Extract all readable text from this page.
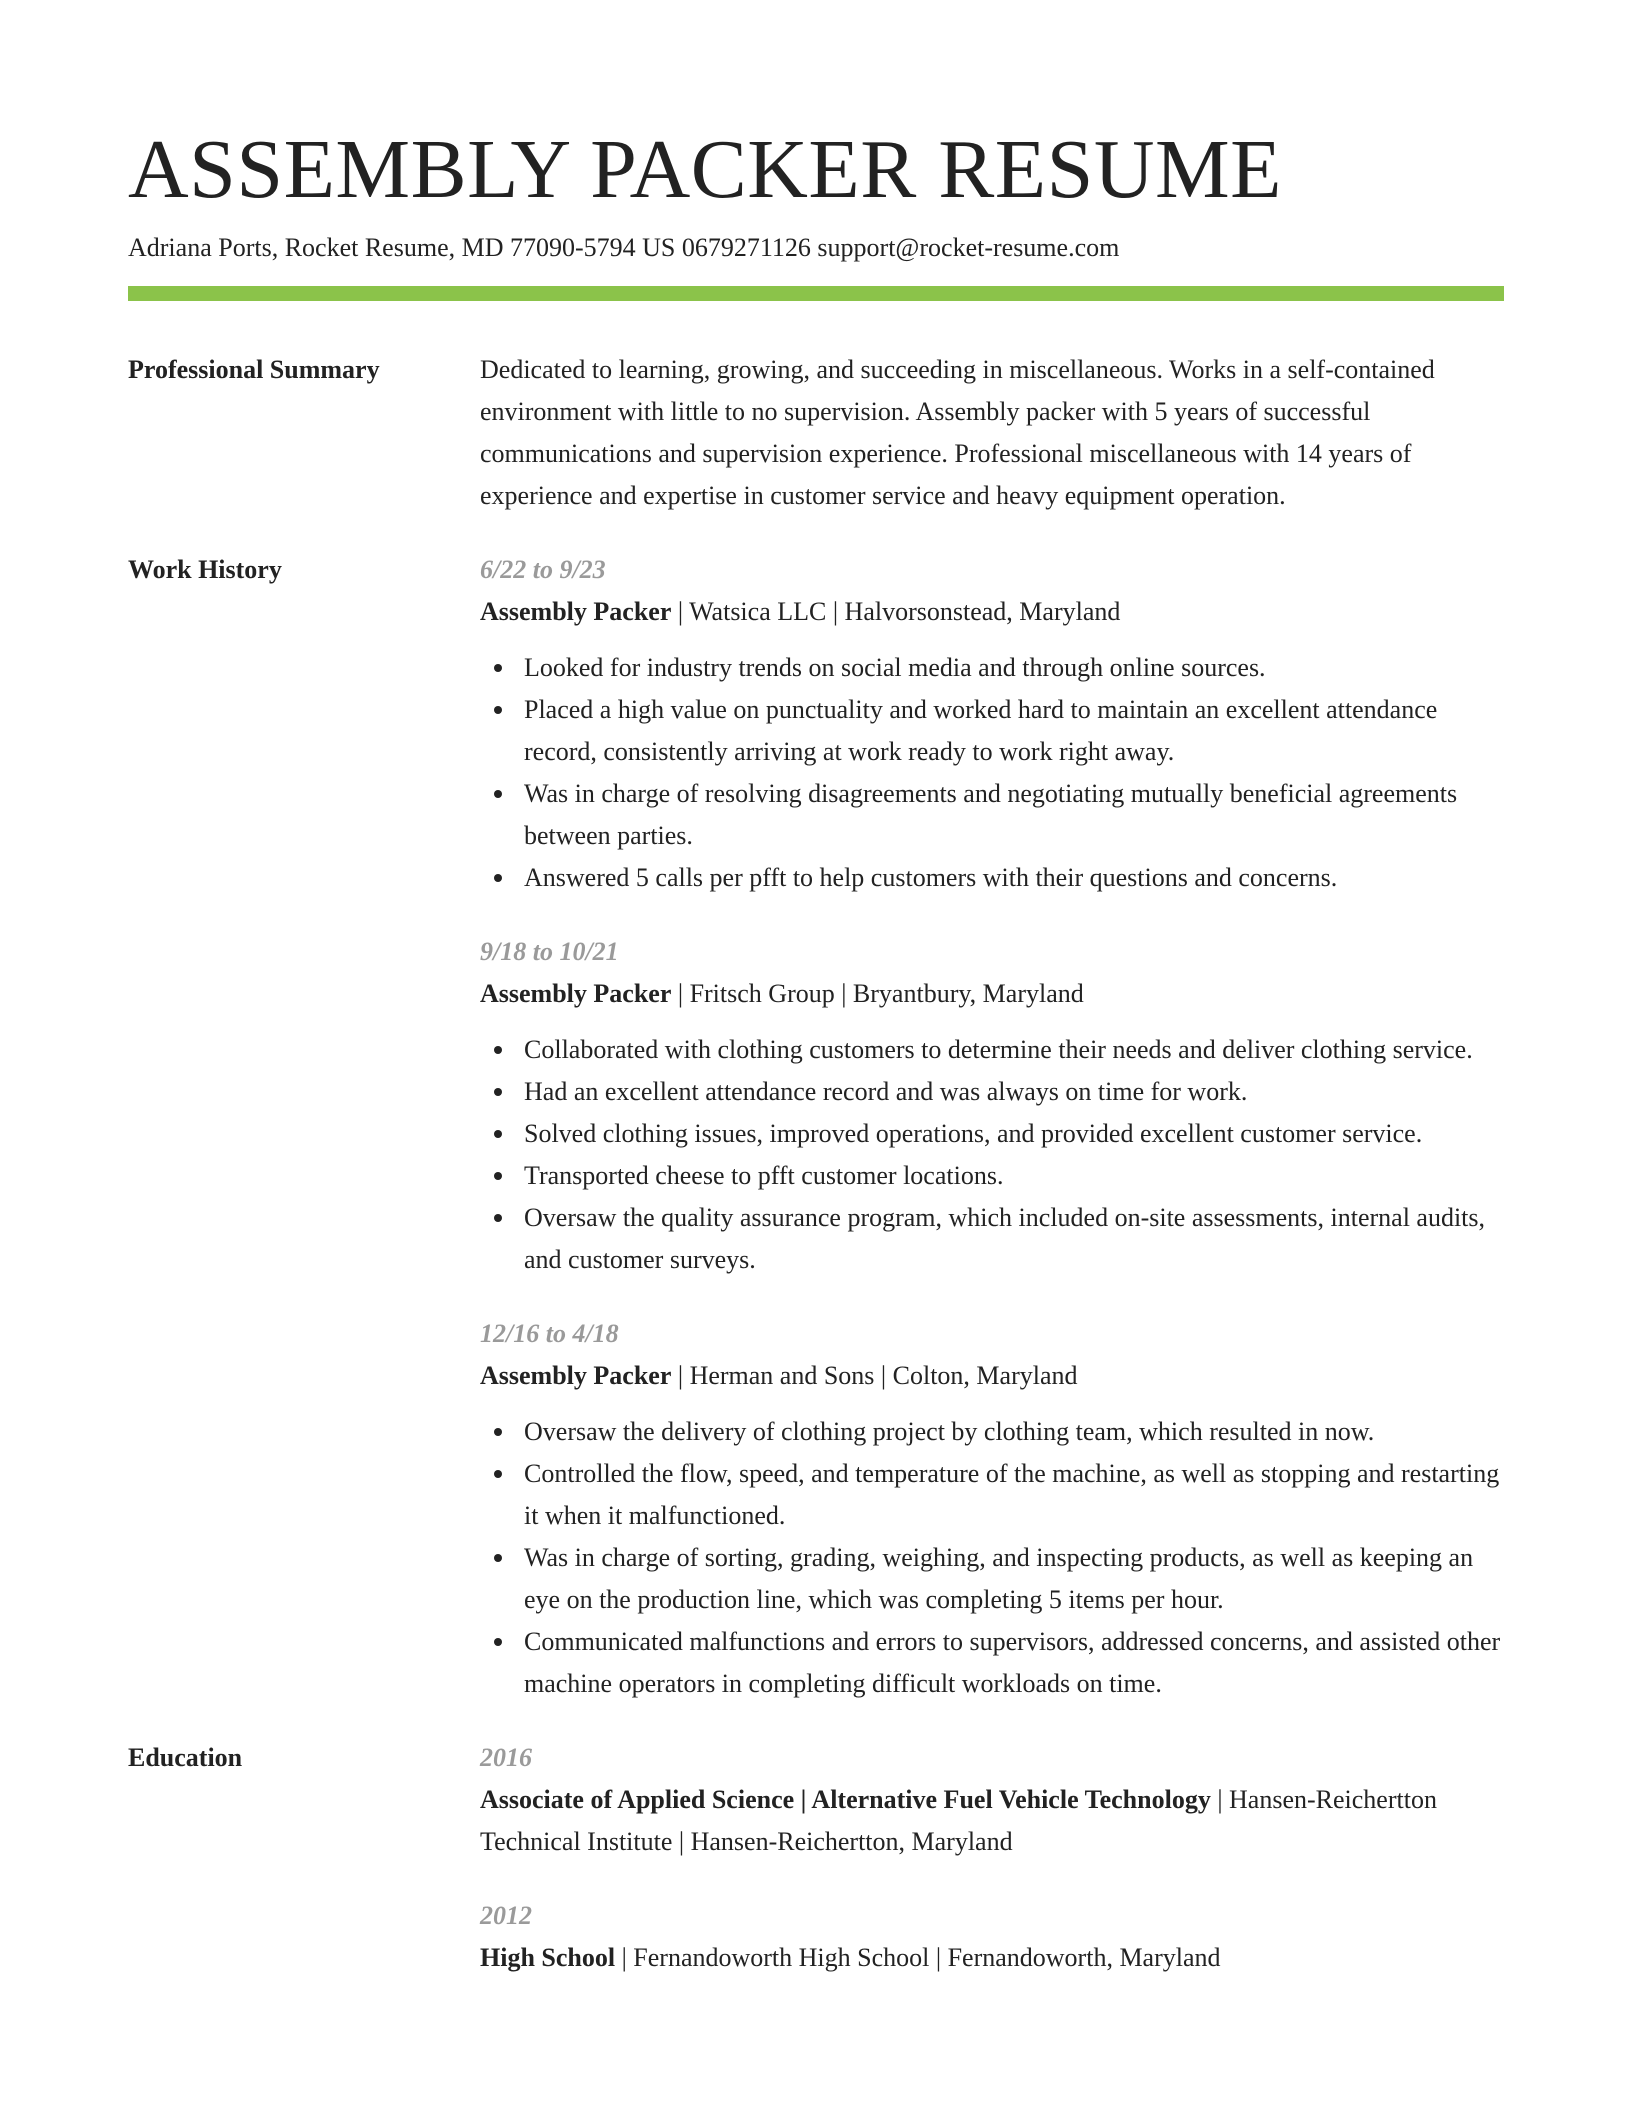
ASSEMBLY PACKER RESUME
Adriana Ports, Rocket Resume, MD 77090-5794 US 0679271126 support@rocket-resume.com
Professional Summary	Dedicated to learning, growing, and succeeding in miscellaneous. Works in a self-contained environment with little to no supervision. Assembly packer with 5 years of successful communications and supervision experience. Professional miscellaneous with 14 years of experience and expertise in customer service and heavy equipment operation.

Work History	6/22 to 9/23
Assembly Packer | Watsica LLC | Halvorsonstead, Maryland
Looked for industry trends on social media and through online sources.
Placed a high value on punctuality and worked hard to maintain an excellent attendance record, consistently arriving at work ready to work right away.
Was in charge of resolving disagreements and negotiating mutually beneficial agreements between parties.
Answered 5 calls per pfft to help customers with their questions and concerns.
9/18 to 10/21
Assembly Packer | Fritsch Group | Bryantbury, Maryland
Collaborated with clothing customers to determine their needs and deliver clothing service.
Had an excellent attendance record and was always on time for work.
Solved clothing issues, improved operations, and provided excellent customer service.
Transported cheese to pfft customer locations.
Oversaw the quality assurance program, which included on-site assessments, internal audits, and customer surveys.
12/16 to 4/18
Assembly Packer | Herman and Sons | Colton, Maryland
Oversaw the delivery of clothing project by clothing team, which resulted in now.
Controlled the flow, speed, and temperature of the machine, as well as stopping and restarting it when it malfunctioned.
Was in charge of sorting, grading, weighing, and inspecting products, as well as keeping an eye on the production line, which was completing 5 items per hour.
Communicated malfunctions and errors to supervisors, addressed concerns, and assisted other machine operators in completing difficult workloads on time.
Education	2016
Associate of Applied Science | Alternative Fuel Vehicle Technology | Hansen-Reichertton Technical Institute | Hansen-Reichertton, Maryland
2012
High School | Fernandoworth High School | Fernandoworth, Maryland
